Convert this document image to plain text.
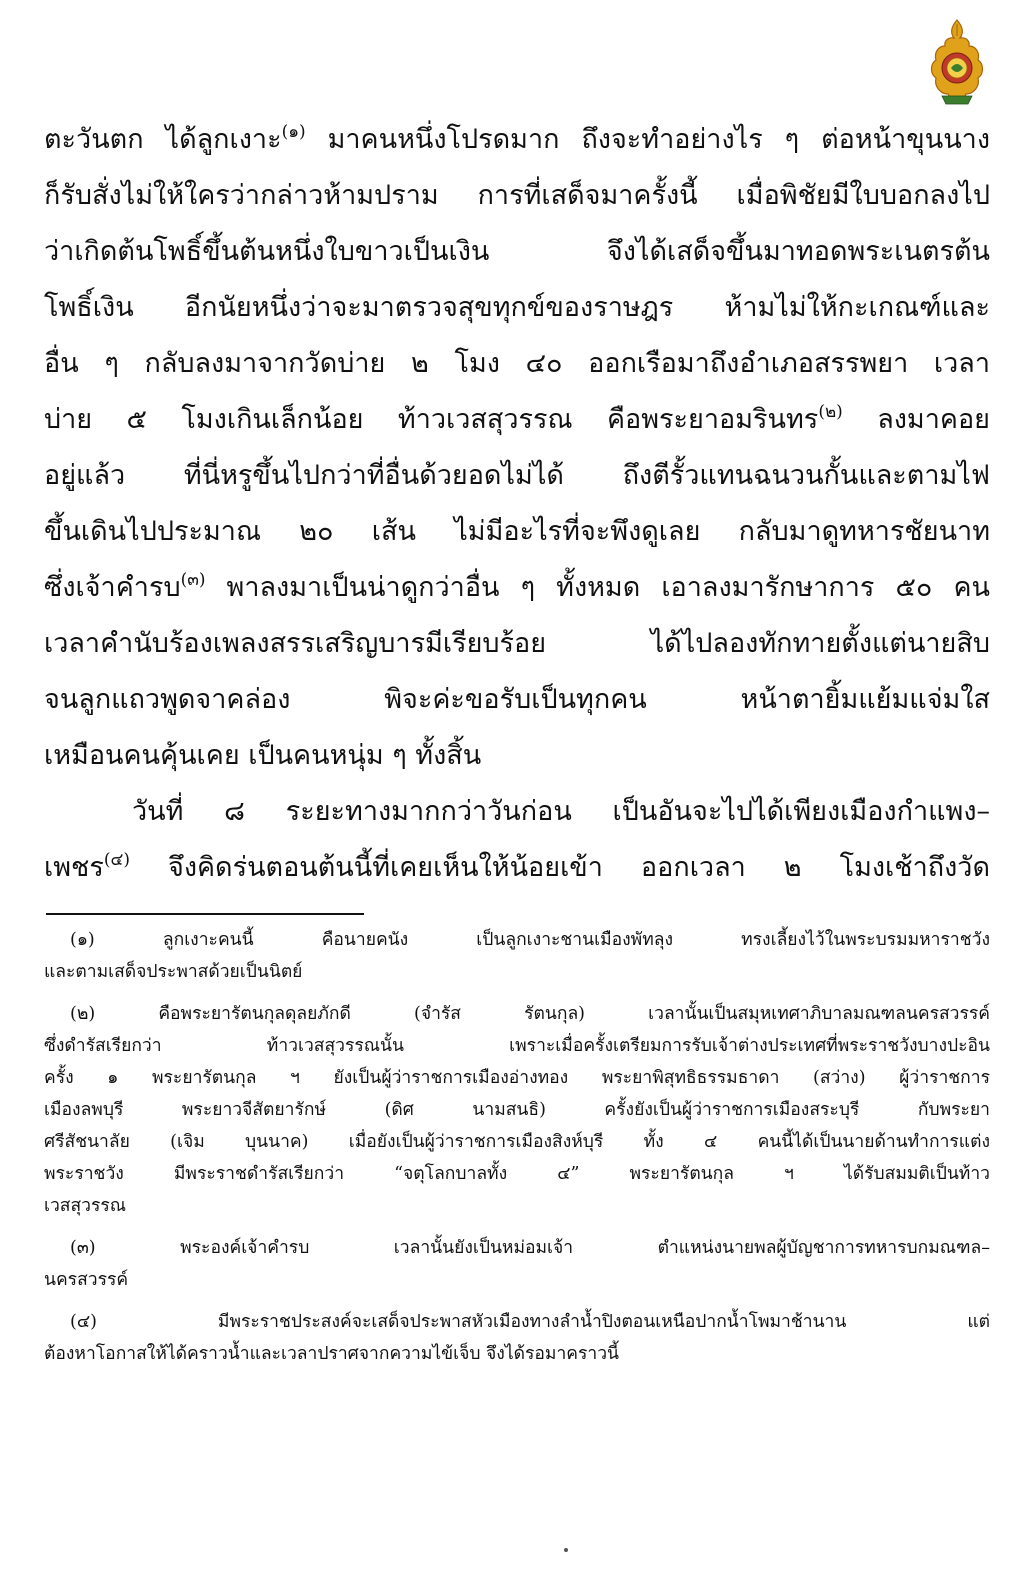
ตะวันตก ได้ลูกเงาะ$^{(๑)}$ มาคนหนึ่งโปรดมาก ถึงจะทำอย่างไร ๆ ต่อหน้าขุนนาง
ก็รับสั่งไม่ให้ใครว่ากล่าวห้ามปราม การที่เสด็จมาครั้งนี้ เมื่อพิชัยมีใบบอกลงไป
ว่าเกิดต้นโพธิ์ขึ้นต้นหนึ่งใบขาวเป็นเงิน จึงได้เสด็จขึ้นมาทอดพระเนตรต้น
โพธิ์เงิน อีกนัยหนึ่งว่าจะมาตรวจสุขทุกข์ของราษฎร ห้ามไม่ให้กะเกณฑ์และ
อื่น ๆ กลับลงมาจากวัดบ่าย ๒ โมง ๔๐ ออกเรือมาถึงอำเภอสรรพยา เวลา
บ่าย ๕ โมงเกินเล็กน้อย ท้าวเวสสุวรรณ คือพระยาอมรินทร$^{(๒)}$ ลงมาคอย
อยู่แล้ว ที่นี่หรูขึ้นไปกว่าที่อื่นด้วยอดไม่ได้ ถึงตีรั้วแทนฉนวนกั้นและตามไฟ
ขึ้นเดินไปประมาณ ๒๐ เส้น ไม่มีอะไรที่จะพึงดูเลย กลับมาดูทหารชัยนาท
ซึ่งเจ้าคำรบ$^{(๓)}$ พาลงมาเป็นน่าดูกว่าอื่น ๆ ทั้งหมด เอาลงมารักษาการ ๕๐ คน
เวลาคำนับร้องเพลงสรรเสริญบารมีเรียบร้อย ได้ไปลองทักทายตั้งแต่นายสิบ
จนลูกแถวพูดจาคล่อง พิจะค่ะขอรับเป็นทุกคน หน้าตายิ้มแย้มแจ่มใส
เหมือนคนคุ้นเคย เป็นคนหนุ่ม ๆ ทั้งสิ้น
วันที่ ๘ ระยะทางมากกว่าวันก่อน เป็นอันจะไปได้เพียงเมืองกำแพง–
เพชร$^{(๔)}$ จึงคิดร่นตอนต้นนี้ที่เคยเห็นให้น้อยเข้า ออกเวลา ๒ โมงเช้าถึงวัด
(๑) ลูกเงาะคนนี้ คือนายคนัง เป็นลูกเงาะชานเมืองพัทลุง ทรงเลี้ยงไว้ในพระบรมมหาราชวัง
และตามเสด็จประพาสด้วยเป็นนิตย์
(๒) คือพระยารัตนกุลดุลยภักดี (จำรัส รัตนกุล) เวลานั้นเป็นสมุหเทศาภิบาลมณฑลนครสวรรค์
ซึ่งดำรัสเรียกว่า ท้าวเวสสุวรรณนั้น เพราะเมื่อครั้งเตรียมการรับเจ้าต่างประเทศที่พระราชวังบางปะอิน
ครั้ง ๑ พระยารัตนกุล ฯ ยังเป็นผู้ว่าราชการเมืองอ่างทอง พระยาพิสุทธิธรรมธาดา (สว่าง) ผู้ว่าราชการ
เมืองลพบุรี พระยาวจีสัตยารักษ์ (ดิศ นามสนธิ) ครั้งยังเป็นผู้ว่าราชการเมืองสระบุรี กับพระยา
ศรีสัชนาลัย (เจิม บุนนาค) เมื่อยังเป็นผู้ว่าราชการเมืองสิงห์บุรี ทั้ง ๔ คนนี้ได้เป็นนายด้านทำการแต่ง
พระราชวัง มีพระราชดำรัสเรียกว่า “จตุโลกบาลทั้ง ๔” พระยารัตนกุล ฯ ได้รับสมมติเป็นท้าว
เวสสุวรรณ
(๓) พระองค์เจ้าคำรบ เวลานั้นยังเป็นหม่อมเจ้า ตำแหน่งนายพลผู้บัญชาการทหารบกมณฑล–
นครสวรรค์
(๔) มีพระราชประสงค์จะเสด็จประพาสหัวเมืองทางลำน้ำปิงตอนเหนือปากน้ำโพมาช้านาน แต่
ต้องหาโอกาสให้ได้คราวน้ำและเวลาปราศจากความไข้เจ็บ จึงได้รอมาคราวนี้
